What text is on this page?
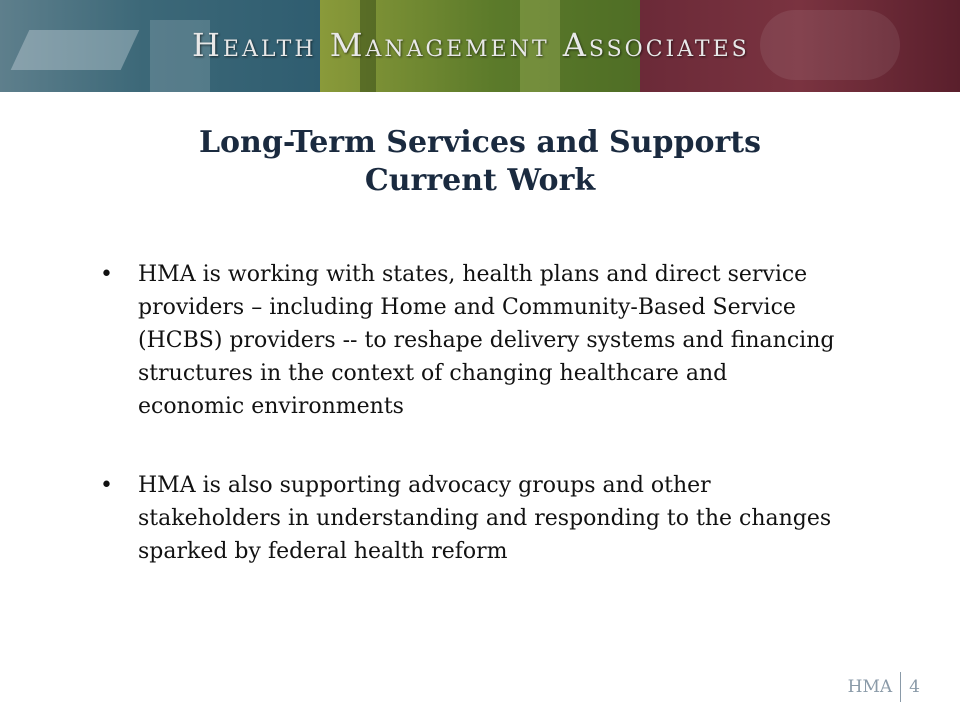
Health Management Associates
Long-Term Services and Supports
Current Work
• HMA is working with states, health plans and direct service providers – including Home and Community-Based Service (HCBS) providers -- to reshape delivery systems and financing structures in the context of changing healthcare and economic environments
• HMA is also supporting advocacy groups and other stakeholders in understanding and responding to the changes sparked by federal health reform
HMA 4
